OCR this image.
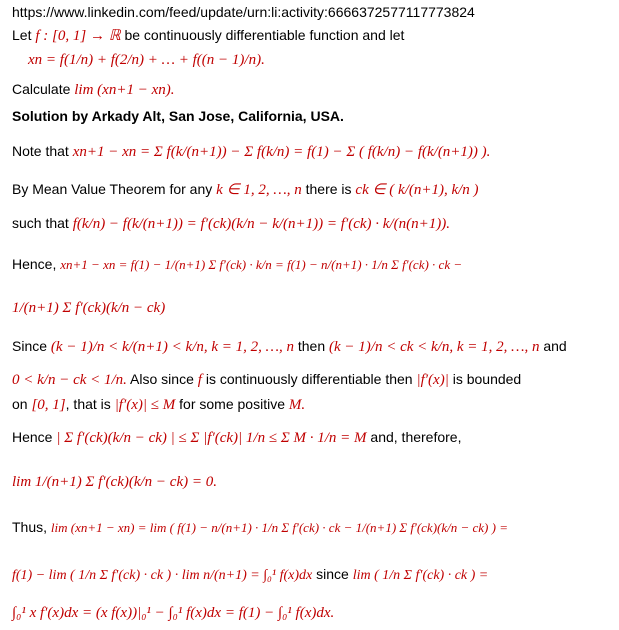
https://www.linkedin.com/feed/update/urn:li:activity:6666372577117773824
Let f : [0, 1] → ℝ be continuously differentiable function and let
xn = f(1/n) + f(2/n) + … + f((n − 1)/n).
Calculate lim (xn+1 − xn).
Solution by Arkady Alt, San Jose, California, USA.
Note that xn+1 − xn = Σ f(k/(n+1)) − Σ f(k/n) = f(1) − Σ ( f(k/n) − f(k/(n+1)) ).
By Mean Value Theorem for any k ∈ 1, 2, …, n there is ck ∈ ( k/(n+1), k/n )
such that f(k/n) − f(k/(n+1)) = f′(ck)(k/n − k/(n+1)) = f′(ck) · k/(n(n+1)).
Hence, xn+1 − xn = f(1) − 1/(n+1) Σ f′(ck) · k/n = f(1) − n/(n+1) · 1/n Σ f′(ck) · ck −
1/(n+1) Σ f′(ck)(k/n − ck)
Since (k − 1)/n < k/(n+1) < k/n, k = 1, 2, …, n then (k − 1)/n < ck < k/n, k = 1, 2, …, n and
0 < k/n − ck < 1/n. Also since f is continuously differentiable then |f′(x)| is bounded
on [0, 1], that is |f′(x)| ≤ M for some positive M.
Hence | Σ f′(ck)(k/n − ck) | ≤ Σ |f′(ck)| 1/n ≤ Σ M · 1/n = M and, therefore,
lim 1/(n+1) Σ f′(ck)(k/n − ck) = 0.
Thus, lim (xn+1 − xn) = lim ( f(1) − n/(n+1) · 1/n Σ f′(ck) · ck − 1/(n+1) Σ f′(ck)(k/n − ck) ) =
f(1) − lim ( 1/n Σ f′(ck) · ck ) · lim n/(n+1) = ∫₀¹ f(x)dx since lim ( 1/n Σ f′(ck) · ck ) =
∫₀¹ x f′(x)dx = (x f(x))|₀¹ − ∫₀¹ f(x)dx = f(1) − ∫₀¹ f(x)dx.
